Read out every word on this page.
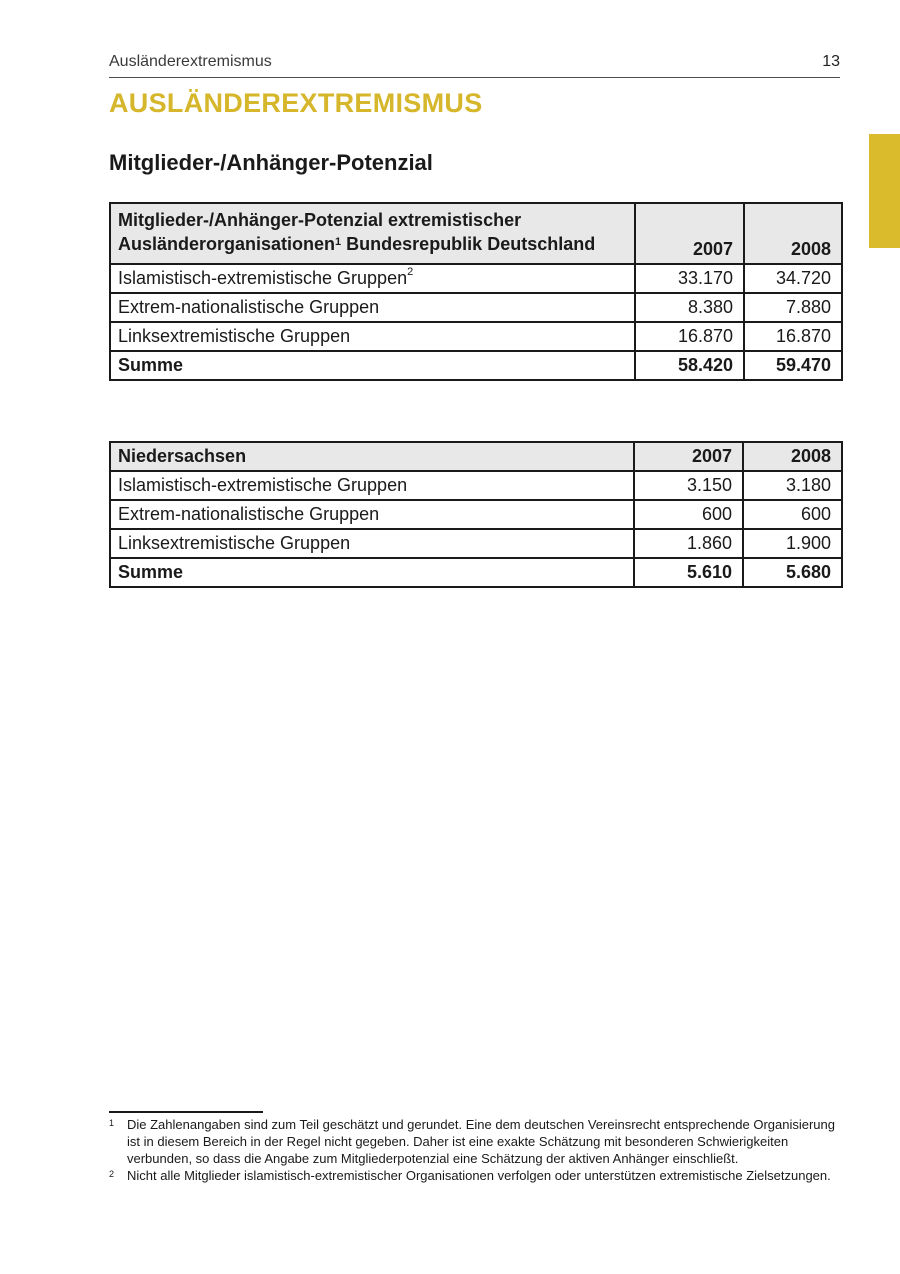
Ausländerextremismus	13
AUSLÄNDEREXTREMISMUS
Mitglieder-/Anhänger-Potenzial
Mitglieder-/Anhänger-Potenzial extremistischer
Ausländerorganisationen$^1$ Bundesrepublik Deutschland	2007	2008
Islamistisch-extremistische Gruppen$^2$	33.170	34.720
Extrem-nationalistische Gruppen	8.380	7.880
Linksextremistische Gruppen	16.870	16.870
Summe	58.420	59.470
Niedersachsen	2007	2008
Islamistisch-extremistische Gruppen	3.150	3.180
Extrem-nationalistische Gruppen	600	600
Linksextremistische Gruppen	1.860	1.900
Summe	5.610	5.680
1 Die Zahlenangaben sind zum Teil geschätzt und gerundet. Eine dem deutschen Vereinsrecht entsprechende Organisierung ist in diesem Bereich in der Regel nicht gegeben. Daher ist eine exakte Schätzung mit besonderen Schwierigkeiten verbunden, so dass die Angabe zum Mitgliederpotenzial eine Schätzung der aktiven Anhänger einschließt.
2 Nicht alle Mitglieder islamistisch-extremistischer Organisationen verfolgen oder unterstützen extremistische Zielsetzungen.
